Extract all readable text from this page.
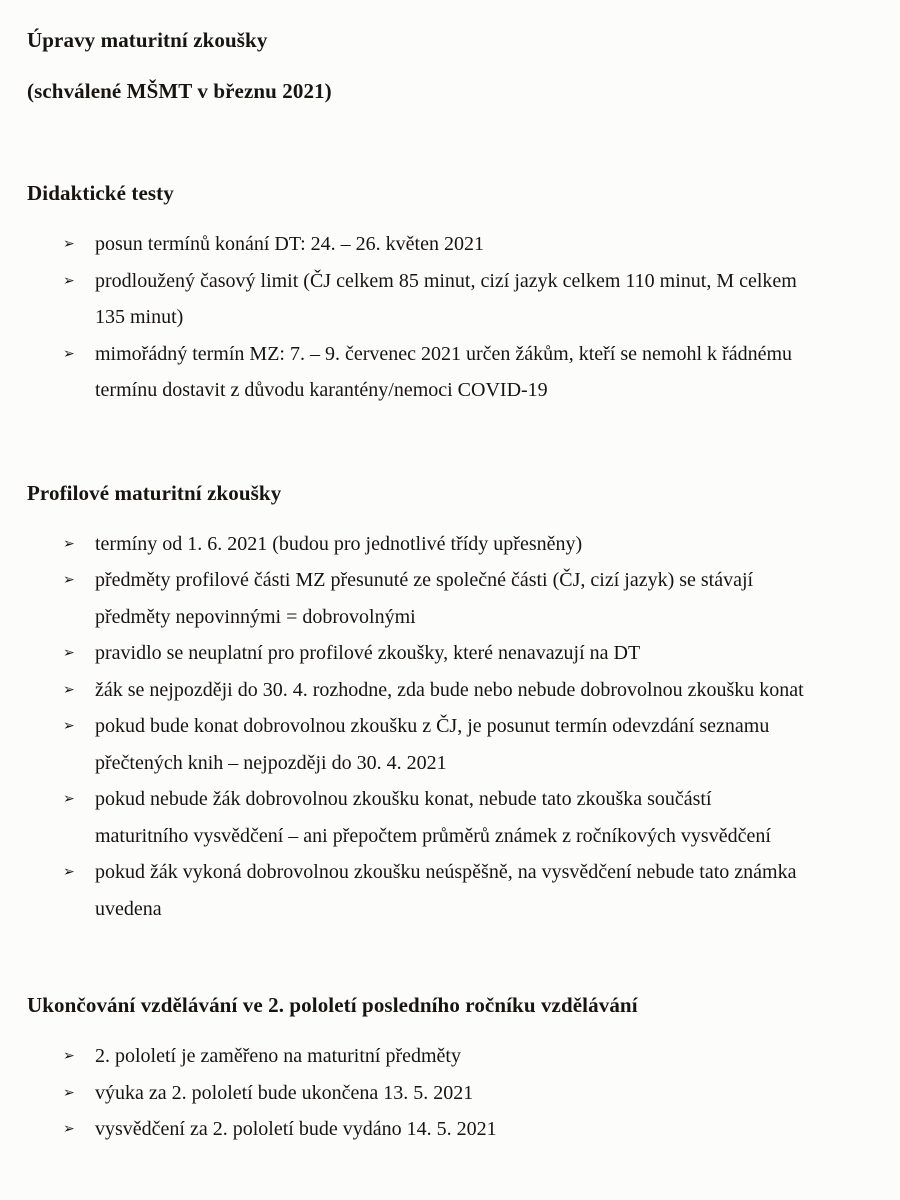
Úpravy maturitní zkoušky
(schválené MŠMT v březnu 2021)
Didaktické testy
➢	posun termínů konání DT: 24. – 26. květen 2021
➢	prodloužený časový limit (ČJ celkem 85 minut, cizí jazyk celkem 110 minut, M celkem
135 minut)
➢	mimořádný termín MZ: 7. – 9. červenec 2021 určen žákům, kteří se nemohl k řádnému
termínu dostavit z důvodu karantény/nemoci COVID-19
Profilové maturitní zkoušky
➢	termíny od 1. 6. 2021 (budou pro jednotlivé třídy upřesněny)
➢	předměty profilové části MZ přesunuté ze společné části (ČJ, cizí jazyk) se stávají
předměty nepovinnými = dobrovolnými
➢	pravidlo se neuplatní pro profilové zkoušky, které nenavazují na DT
➢	žák se nejpozději do 30. 4. rozhodne, zda bude nebo nebude dobrovolnou zkoušku konat
➢	pokud bude konat dobrovolnou zkoušku z ČJ, je posunut termín odevzdání seznamu
přečtených knih – nejpozději do 30. 4. 2021
➢	pokud nebude žák dobrovolnou zkoušku konat, nebude tato zkouška součástí
maturitního vysvědčení – ani přepočtem průměrů známek z ročníkových vysvědčení
➢	pokud žák vykoná dobrovolnou zkoušku neúspěšně, na vysvědčení nebude tato známka
uvedena
Ukončování vzdělávání ve 2. pololetí posledního ročníku vzdělávání
➢	2. pololetí je zaměřeno na maturitní předměty
➢	výuka za 2. pololetí bude ukončena 13. 5. 2021
➢	vysvědčení za 2. pololetí bude vydáno 14. 5. 2021
